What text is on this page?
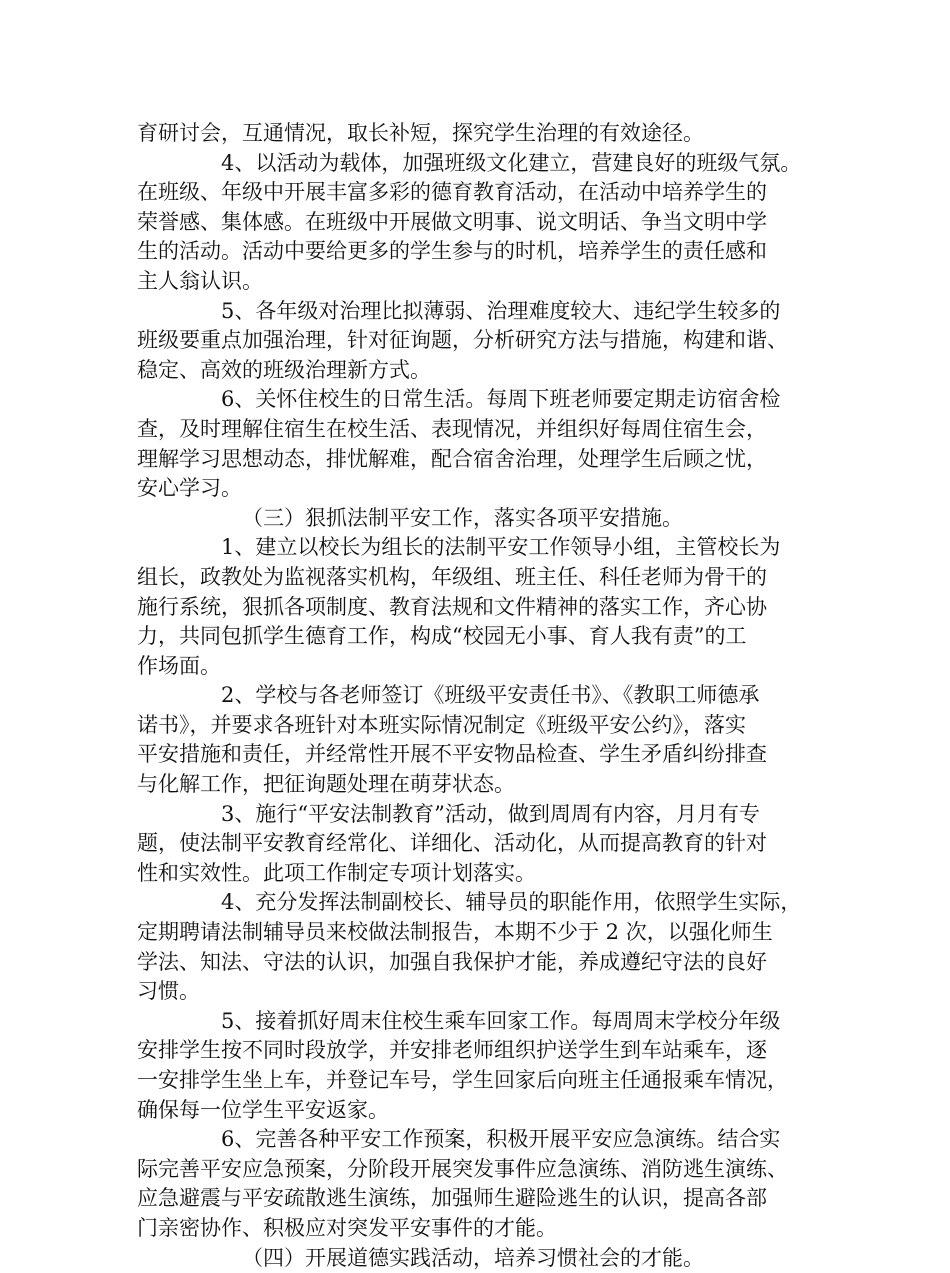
育研讨会，互通情况，取长补短，探究学生治理的有效途径。
4、以活动为载体，加强班级文化建立，营建良好的班级气氛。
在班级、年级中开展丰富多彩的德育教育活动，在活动中培养学生的
荣誉感、集体感。在班级中开展做文明事、说文明话、争当文明中学
生的活动。活动中要给更多的学生参与的时机，培养学生的责任感和
主人翁认识。
5、各年级对治理比拟薄弱、治理难度较大、违纪学生较多的
班级要重点加强治理，针对征询题，分析研究方法与措施，构建和谐、
稳定、高效的班级治理新方式。
6、关怀住校生的日常生活。每周下班老师要定期走访宿舍检
查，及时理解住宿生在校生活、表现情况，并组织好每周住宿生会，
理解学习思想动态，排忧解难，配合宿舍治理，处理学生后顾之忧，
安心学习。
（三）狠抓法制平安工作，落实各项平安措施。
1、建立以校长为组长的法制平安工作领导小组，主管校长为
组长，政教处为监视落实机构，年级组、班主任、科任老师为骨干的
施行系统，狠抓各项制度、教育法规和文件精神的落实工作，齐心协
力，共同包抓学生德育工作，构成“校园无小事、育人我有责”的工
作场面。
2、学校与各老师签订《班级平安责任书》、《教职工师德承
诺书》，并要求各班针对本班实际情况制定《班级平安公约》，落实
平安措施和责任，并经常性开展不平安物品检查、学生矛盾纠纷排查
与化解工作，把征询题处理在萌芽状态。
3、施行“平安法制教育”活动，做到周周有内容，月月有专
题，使法制平安教育经常化、详细化、活动化，从而提高教育的针对
性和实效性。此项工作制定专项计划落实。
4、充分发挥法制副校长、辅导员的职能作用，依照学生实际，
定期聘请法制辅导员来校做法制报告，本期不少于 2 次，以强化师生
学法、知法、守法的认识，加强自我保护才能，养成遵纪守法的良好
习惯。
5、接着抓好周末住校生乘车回家工作。每周周末学校分年级
安排学生按不同时段放学，并安排老师组织护送学生到车站乘车，逐
一安排学生坐上车，并登记车号，学生回家后向班主任通报乘车情况，
确保每一位学生平安返家。
6、完善各种平安工作预案，积极开展平安应急演练。结合实
际完善平安应急预案，分阶段开展突发事件应急演练、消防逃生演练、
应急避震与平安疏散逃生演练，加强师生避险逃生的认识，提高各部
门亲密协作、积极应对突发平安事件的才能。
（四）开展道德实践活动，培养习惯社会的才能。
